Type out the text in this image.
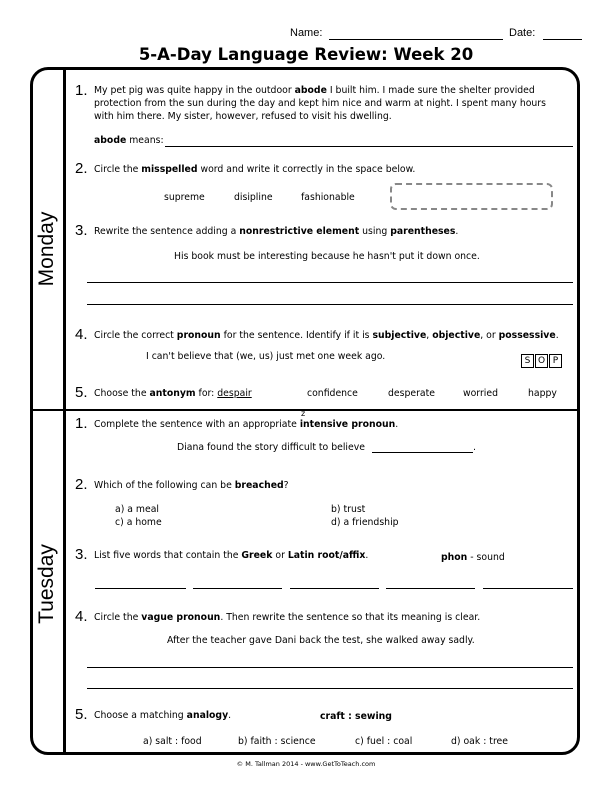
Name:	Date:
5-A-Day Language Review: Week 20
Monday
Tuesday
1. My pet pig was quite happy in the outdoor abode I built him. I made sure the shelter provided
protection from the sun during the day and kept him nice and warm at night. I spent many hours
with him there. My sister, however, refused to visit his dwelling.
abode means:
2. Circle the misspelled word and write it correctly in the space below.
supreme	disipline	fashionable
3. Rewrite the sentence adding a nonrestrictive element using parentheses.
His book must be interesting because he hasn't put it down once.
4. Circle the correct pronoun for the sentence. Identify if it is subjective, objective, or possessive.
I can't believe that (we, us) just met one week ago.	S O P
5. Choose the antonym for: despair	confidence	desperate	worried	happy
z
1. Complete the sentence with an appropriate intensive pronoun.
Diana found the story difficult to believe	.
2. Which of the following can be breached?
a) a meal	b) trust
c) a home	d) a friendship
3. List five words that contain the Greek or Latin root/affix.	phon - sound
4. Circle the vague pronoun. Then rewrite the sentence so that its meaning is clear.
After the teacher gave Dani back the test, she walked away sadly.
5. Choose a matching analogy.	craft : sewing
a) salt : food	b) faith : science	c) fuel : coal	d) oak : tree
© M. Tallman 2014 - www.GetToTeach.com
